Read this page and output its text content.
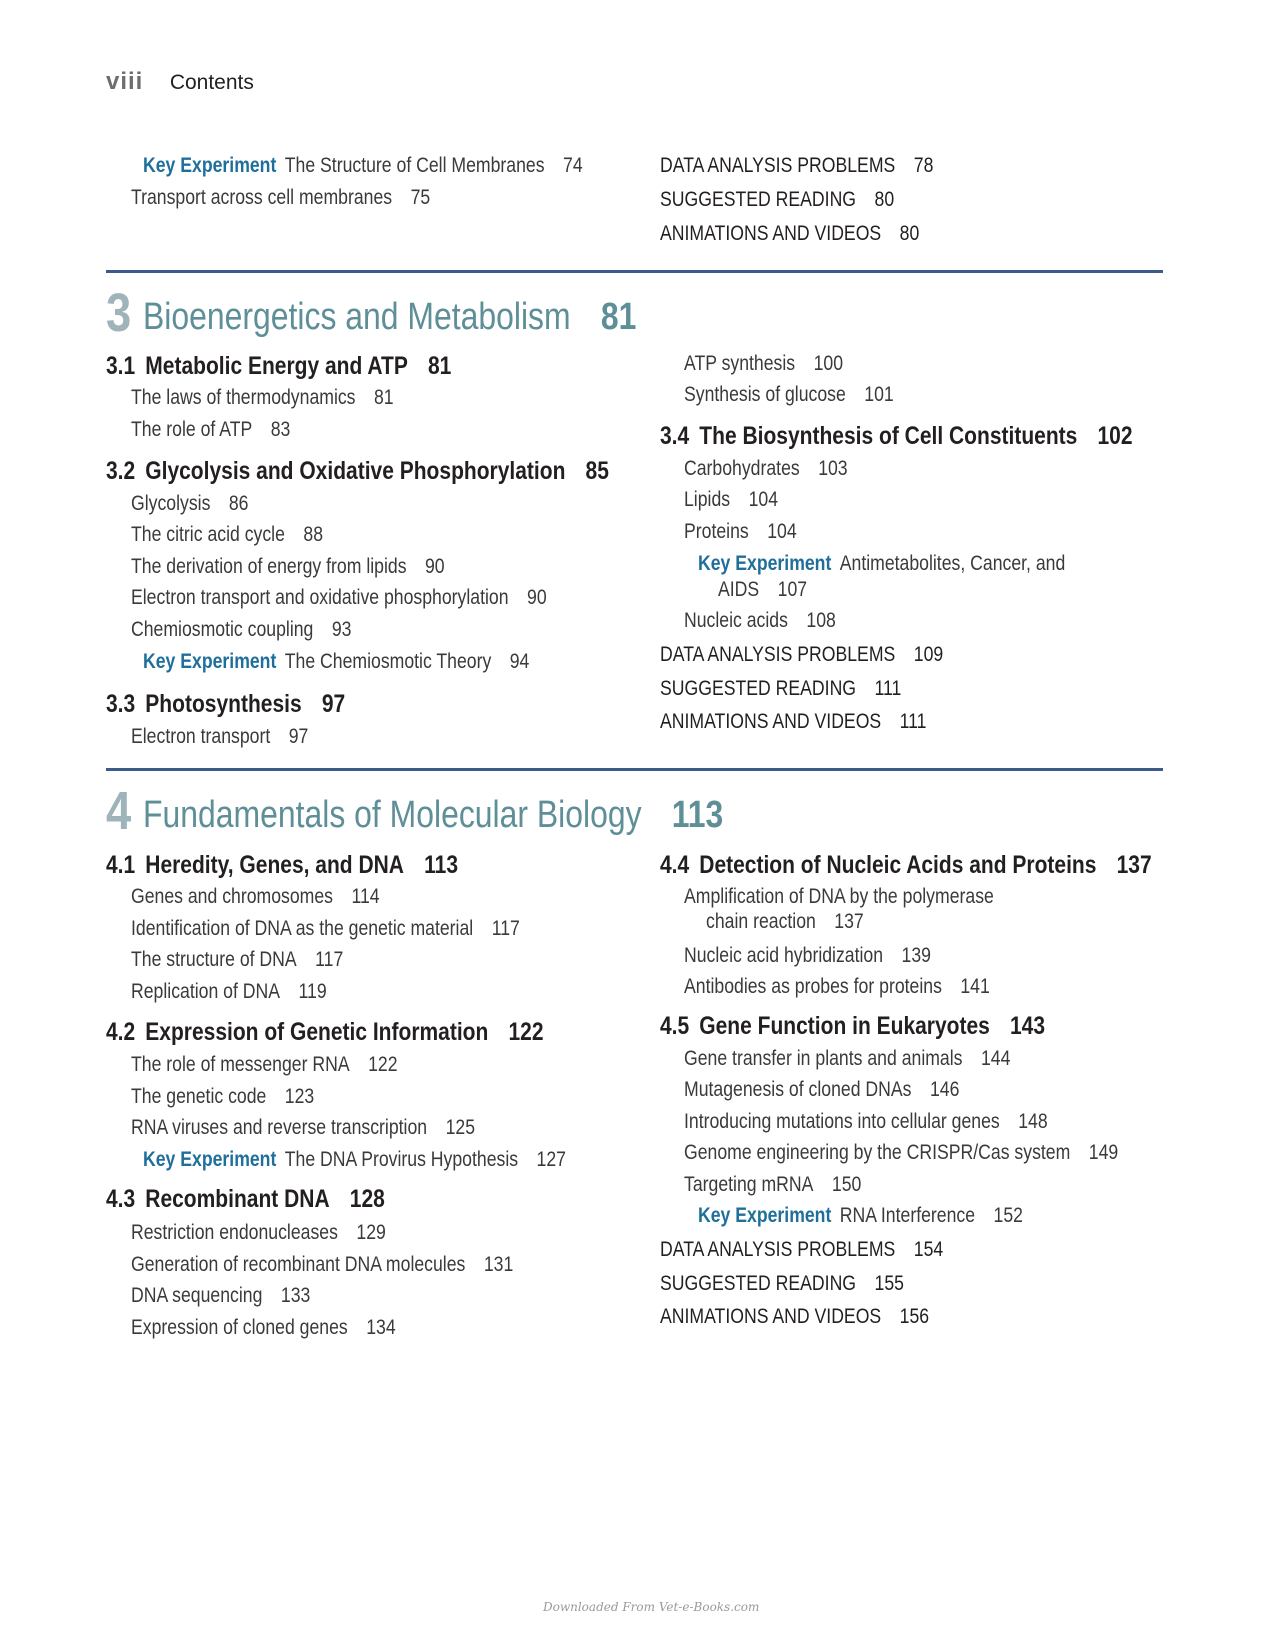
viii Contents
Key Experiment The Structure of Cell Membranes 74
Transport across cell membranes 75
DATA ANALYSIS PROBLEMS 78
SUGGESTED READING 80
ANIMATIONS AND VIDEOS 80
3 Bioenergetics and Metabolism 81
3.1 Metabolic Energy and ATP 81
The laws of thermodynamics 81
The role of ATP 83
3.2 Glycolysis and Oxidative Phosphorylation 85
Glycolysis 86
The citric acid cycle 88
The derivation of energy from lipids 90
Electron transport and oxidative phosphorylation 90
Chemiosmotic coupling 93
Key Experiment The Chemiosmotic Theory 94
3.3 Photosynthesis 97
Electron transport 97
ATP synthesis 100
Synthesis of glucose 101
3.4 The Biosynthesis of Cell Constituents 102
Carbohydrates 103
Lipids 104
Proteins 104
Key Experiment Antimetabolites, Cancer, and
AIDS 107
Nucleic acids 108
DATA ANALYSIS PROBLEMS 109
SUGGESTED READING 111
ANIMATIONS AND VIDEOS 111
4 Fundamentals of Molecular Biology 113
4.1 Heredity, Genes, and DNA 113
Genes and chromosomes 114
Identification of DNA as the genetic material 117
The structure of DNA 117
Replication of DNA 119
4.2 Expression of Genetic Information 122
The role of messenger RNA 122
The genetic code 123
RNA viruses and reverse transcription 125
Key Experiment The DNA Provirus Hypothesis 127
4.3 Recombinant DNA 128
Restriction endonucleases 129
Generation of recombinant DNA molecules 131
DNA sequencing 133
Expression of cloned genes 134
4.4 Detection of Nucleic Acids and Proteins 137
Amplification of DNA by the polymerase
chain reaction 137
Nucleic acid hybridization 139
Antibodies as probes for proteins 141
4.5 Gene Function in Eukaryotes 143
Gene transfer in plants and animals 144
Mutagenesis of cloned DNAs 146
Introducing mutations into cellular genes 148
Genome engineering by the CRISPR/Cas system 149
Targeting mRNA 150
Key Experiment RNA Interference 152
DATA ANALYSIS PROBLEMS 154
SUGGESTED READING 155
ANIMATIONS AND VIDEOS 156
Downloaded From Vet-e-Books.com
